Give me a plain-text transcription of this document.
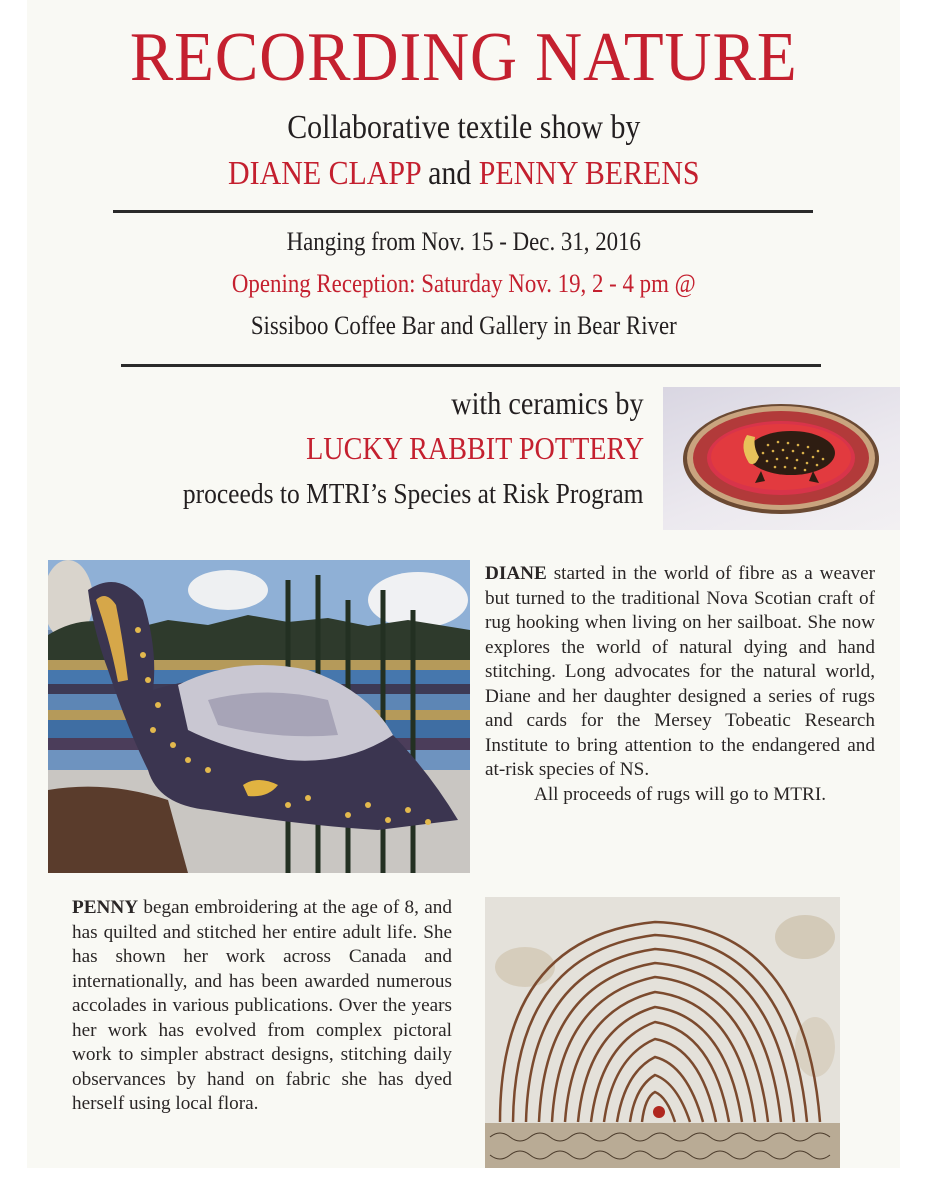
RECORDING NATURE
Collaborative textile show by
DIANE CLAPP and PENNY BERENS
Hanging from Nov. 15 - Dec. 31, 2016
Opening Reception: Saturday Nov. 19, 2 - 4 pm @
Sissiboo Coffee Bar and Gallery in Bear River
with ceramics by
LUCKY RABBIT POTTERY
proceeds to MTRI’s Species at Risk Program

DIANE started in the world of fibre as a weaver but turned to the traditional Nova Scotian craft of rug hooking when living on her sailboat. She now explores the world of natural dying and hand stitching. Long advocates for the natural world, Diane and her daughter designed a series of rugs and cards for the Mersey Tobeatic Research Institute to bring attention to the endangered and at-risk species of NS.

All proceeds of rugs will go to MTRI.

PENNY began embroidering at the age of 8, and has quilted and stitched her entire adult life. She has shown her work across Canada and internationally, and has been awarded numerous accolades in various publications. Over the years her work has evolved from complex pictoral work to simpler abstract designs, stitching daily observances by hand on fabric she has dyed herself using local flora.
